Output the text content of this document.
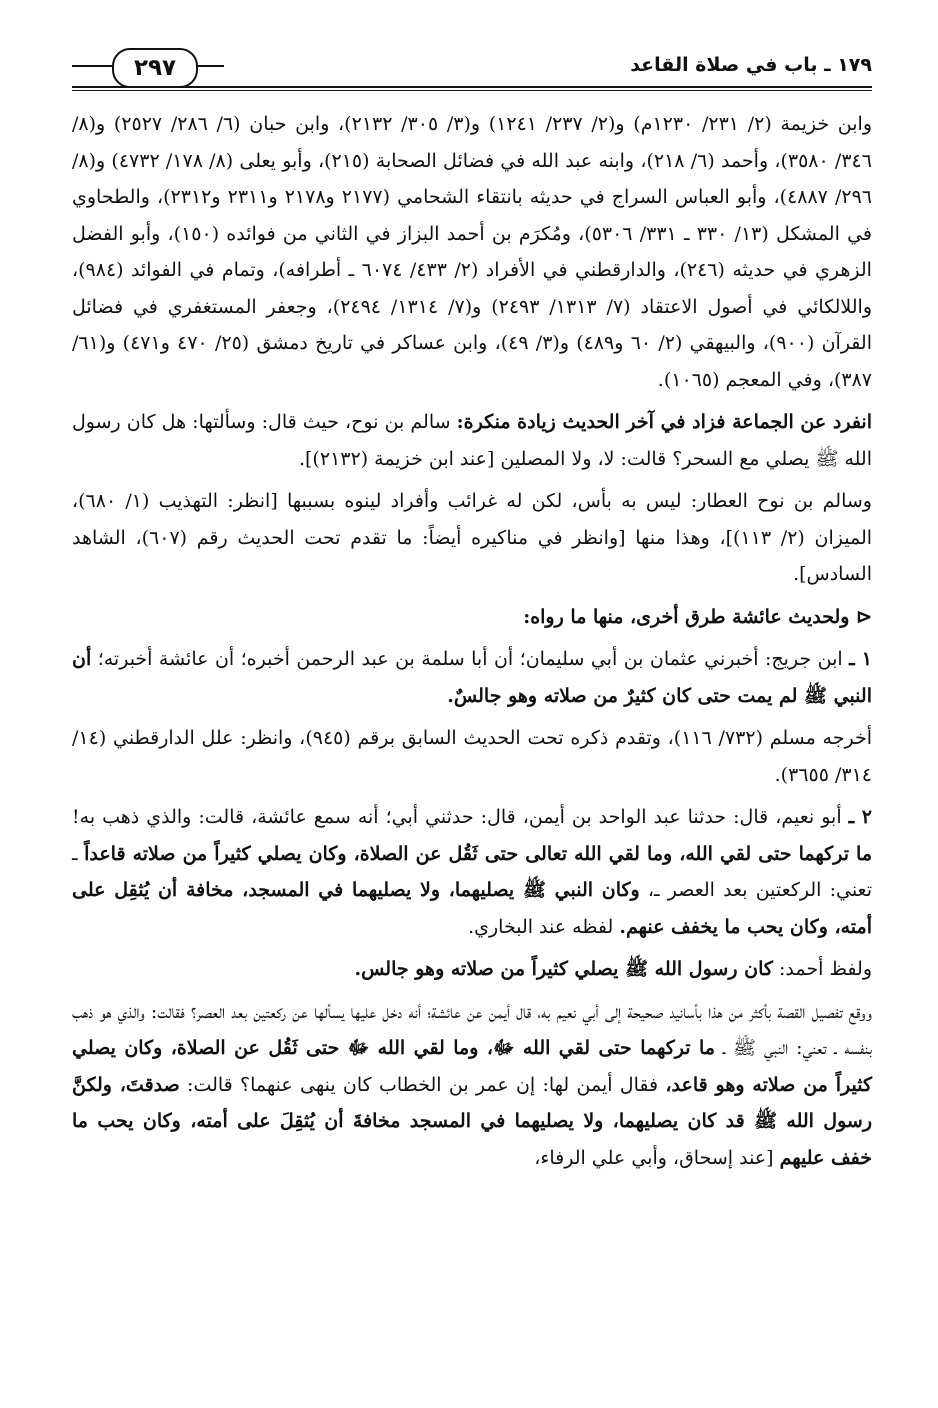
١٧٩ ـ باب في صلاة القاعد
٢٩٧

وابن خزيمة (٢/ ٢٣١/ ١٢٣٠م) و(٢/ ٢٣٧/ ١٢٤١) و(٣/ ٣٠٥/ ٢١٣٢)، وابن حبان (٦/ ٢٨٦/ ٢٥٢٧) و(٨/ ٣٤٦/ ٣٥٨٠)، وأحمد (٦/ ٢١٨)، وابنه عبد الله في فضائل الصحابة (٢١٥)، وأبو يعلى (٨/ ١٧٨/ ٤٧٣٢) و(٨/ ٢٩٦/ ٤٨٨٧)، وأبو العباس السراج في حديثه بانتقاء الشحامي (٢١٧٧ و٢١٧٨ و٢٣١١ و٢٣١٢)، والطحاوي في المشكل (١٣/ ٣٣٠ ـ ٣٣١/ ٥٣٠٦)، ومُكرَم بن أحمد البزاز في الثاني من فوائده (١٥٠)، وأبو الفضل الزهري في حديثه (٢٤٦)، والدارقطني في الأفراد (٢/ ٤٣٣/ ٦٠٧٤ ـ أطرافه)، وتمام في الفوائد (٩٨٤)، واللالكائي في أصول الاعتقاد (٧/ ١٣١٣/ ٢٤٩٣) و(٧/ ١٣١٤/ ٢٤٩٤)، وجعفر المستغفري في فضائل القرآن (٩٠٠)، والبيهقي (٢/ ٦٠ و٤٨٩) و(٣/ ٤٩)، وابن عساكر في تاريخ دمشق (٢٥/ ٤٧٠ و٤٧١) و(٦١/ ٣٨٧)، وفي المعجم (١٠٦٥).

انفرد عن الجماعة فزاد في آخر الحديث زيادة منكرة: سالم بن نوح، حيث قال: وسألتها: هل كان رسول الله ﷺ يصلي مع السحر؟ قالت: لا، ولا المصلين [عند ابن خزيمة (٢١٣٢)].

وسالم بن نوح العطار: ليس به بأس، لكن له غرائب وأفراد لينوه بسببها [انظر: التهذيب (١/ ٦٨٠)، الميزان (٢/ ١١٣)]، وهذا منها [وانظر في مناكيره أيضاً: ما تقدم تحت الحديث رقم (٦٠٧)، الشاهد السادس].

⊲ ولحديث عائشة طرق أخرى، منها ما رواه:

١ ـ ابن جريج: أخبرني عثمان بن أبي سليمان؛ أن أبا سلمة بن عبد الرحمن أخبره؛ أن عائشة أخبرته؛ أن النبي ﷺ لم يمت حتى كان كثيرٌ من صلاته وهو جالسٌ.

أخرجه مسلم (٧٣٢/ ١١٦)، وتقدم ذكره تحت الحديث السابق برقم (٩٤٥)، وانظر: علل الدارقطني (١٤/ ٣١٤/ ٣٦٥٥).

٢ ـ أبو نعيم، قال: حدثنا عبد الواحد بن أيمن، قال: حدثني أبي؛ أنه سمع عائشة، قالت: والذي ذهب به! ما تركهما حتى لقي الله، وما لقي الله تعالى حتى ثَقُل عن الصلاة، وكان يصلي كثيراً من صلاته قاعداً ـ تعني: الركعتين بعد العصر ـ، وكان النبي ﷺ يصليهما، ولا يصليهما في المسجد، مخافة أن يُثقِل على أمته، وكان يحب ما يخفف عنهم. لفظه عند البخاري.

ولفظ أحمد: كان رسول الله ﷺ يصلي كثيراً من صلاته وهو جالس.

ووقع تفصيل القصة بأكثر من هذا بأسانيد صحيحة إلى أبي نعيم به، قال أيمن عن عائشة؛ أنه دخل عليها يسألها عن ركعتين بعد العصر؟ فقالت: والذي هو ذهب بنفسه ـ تعني: النبي ﷺ ـ ما تركهما حتى لقي الله ﷻ، وما لقي الله ﷻ حتى ثَقُل عن الصلاة، وكان يصلي كثيراً من صلاته وهو قاعد، فقال أيمن لها: إن عمر بن الخطاب كان ينهى عنهما؟ قالت: صدقتَ، ولكنَّ رسول الله ﷺ قد كان يصليهما، ولا يصليهما في المسجد مخافةَ أن يُثقِلَ على أمته، وكان يحب ما خفف عليهم [عند إسحاق، وأبي علي الرفاء،
